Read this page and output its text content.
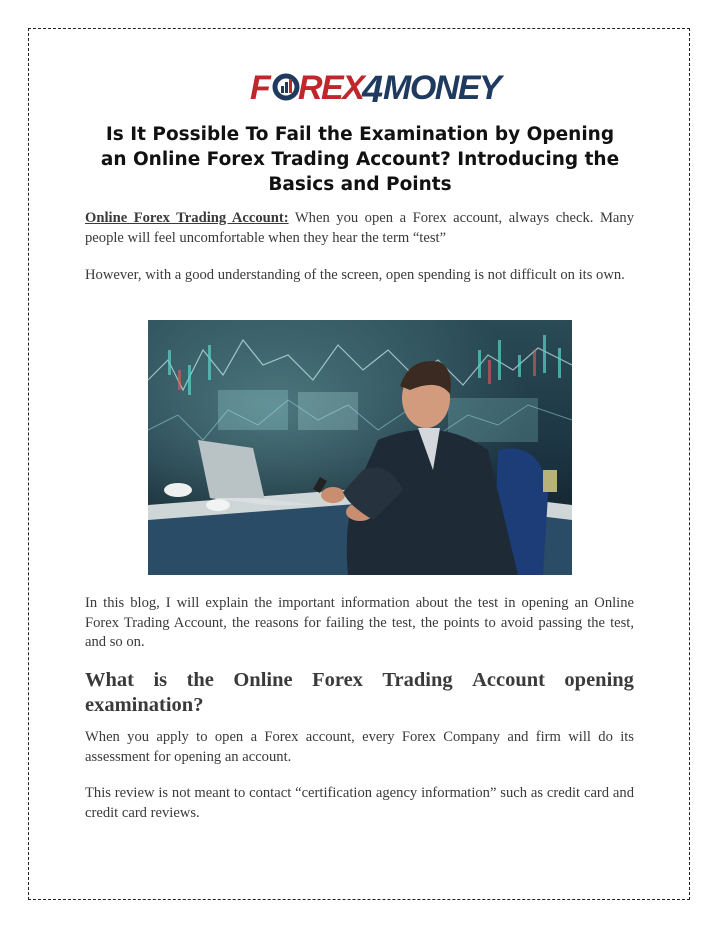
F REX
4 MONEY
Is It Possible To Fail the Examination by Opening an Online Forex Trading Account? Introducing the Basics and Points

Online Forex Trading Account: When you open a Forex account, always check. Many people will feel uncomfortable when they hear the term “test”

However, with a good understanding of the screen, open spending is not difficult on its own.

In this blog, I will explain the important information about the test in opening an Online Forex Trading Account, the reasons for failing the test, the points to avoid passing the test, and so on.

What is the Online Forex Trading Account opening
examination?

When you apply to open a Forex account, every Forex Company and firm will do its assessment for opening an account.

This review is not meant to contact “certification agency information” such as credit card and credit card reviews.
